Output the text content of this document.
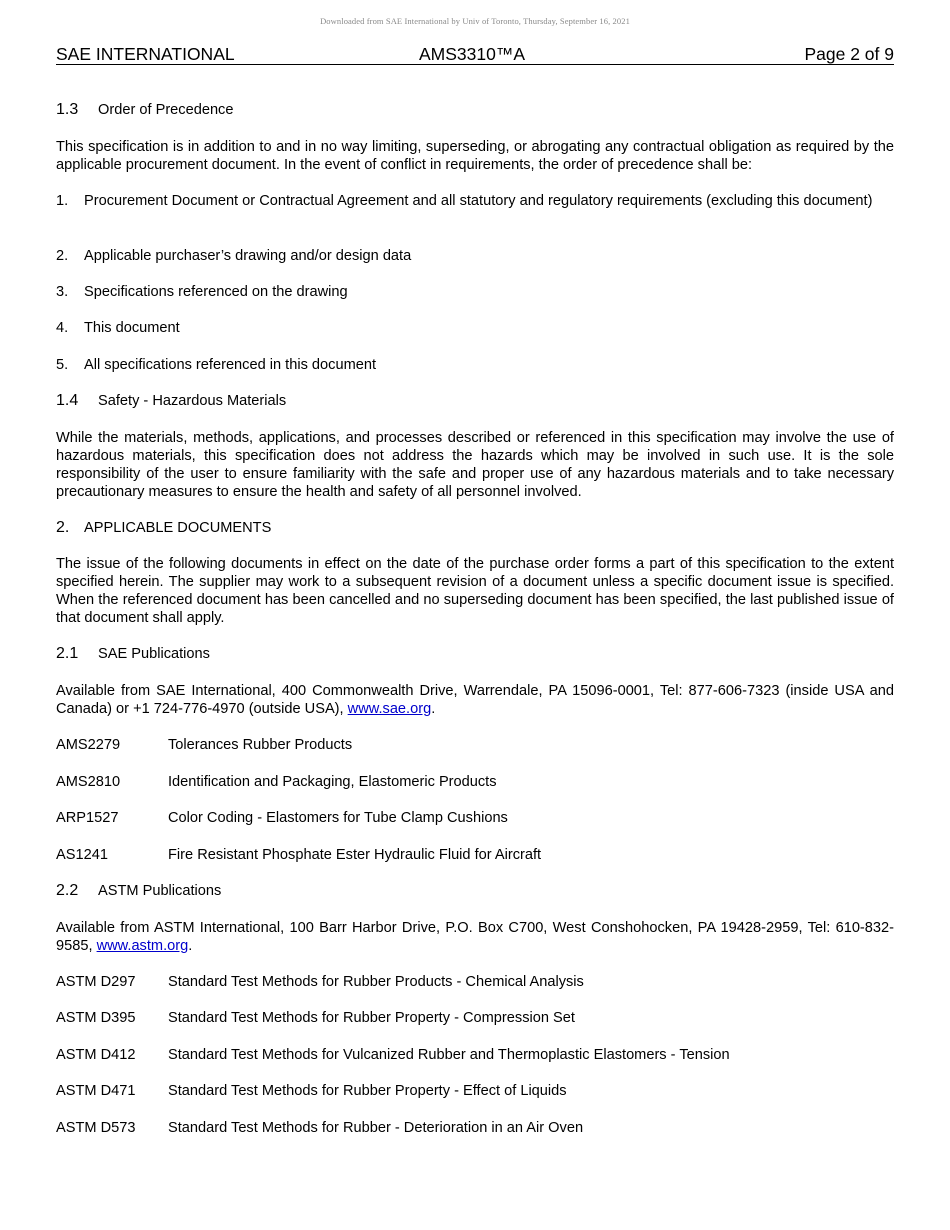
Downloaded from SAE International by Univ of Toronto, Thursday, September 16, 2021
SAE INTERNATIONAL	AMS3310™A	Page 2 of 9
1.3 Order of Precedence
This specification is in addition to and in no way limiting, superseding, or abrogating any contractual obligation as required by the applicable procurement document. In the event of conflict in requirements, the order of precedence shall be:
1. Procurement Document or Contractual Agreement and all statutory and regulatory requirements (excluding this document)
2. Applicable purchaser’s drawing and/or design data
3. Specifications referenced on the drawing
4. This document
5. All specifications referenced in this document
1.4 Safety - Hazardous Materials
While the materials, methods, applications, and processes described or referenced in this specification may involve the use of hazardous materials, this specification does not address the hazards which may be involved in such use. It is the sole responsibility of the user to ensure familiarity with the safe and proper use of any hazardous materials and to take necessary precautionary measures to ensure the health and safety of all personnel involved.
2. APPLICABLE DOCUMENTS
The issue of the following documents in effect on the date of the purchase order forms a part of this specification to the extent specified herein. The supplier may work to a subsequent revision of a document unless a specific document issue is specified. When the referenced document has been cancelled and no superseding document has been specified, the last published issue of that document shall apply.
2.1 SAE Publications
Available from SAE International, 400 Commonwealth Drive, Warrendale, PA 15096-0001, Tel: 877-606-7323 (inside USA and Canada) or +1 724-776-4970 (outside USA), www.sae.org.
AMS2279	Tolerances Rubber Products
AMS2810	Identification and Packaging, Elastomeric Products
ARP1527	Color Coding - Elastomers for Tube Clamp Cushions
AS1241	Fire Resistant Phosphate Ester Hydraulic Fluid for Aircraft
2.2 ASTM Publications
Available from ASTM International, 100 Barr Harbor Drive, P.O. Box C700, West Conshohocken, PA 19428-2959, Tel: 610-832-9585, www.astm.org.
ASTM D297 Standard Test Methods for Rubber Products - Chemical Analysis
ASTM D395 Standard Test Methods for Rubber Property - Compression Set
ASTM D412 Standard Test Methods for Vulcanized Rubber and Thermoplastic Elastomers - Tension
ASTM D471 Standard Test Methods for Rubber Property - Effect of Liquids
ASTM D573 Standard Test Methods for Rubber - Deterioration in an Air Oven
